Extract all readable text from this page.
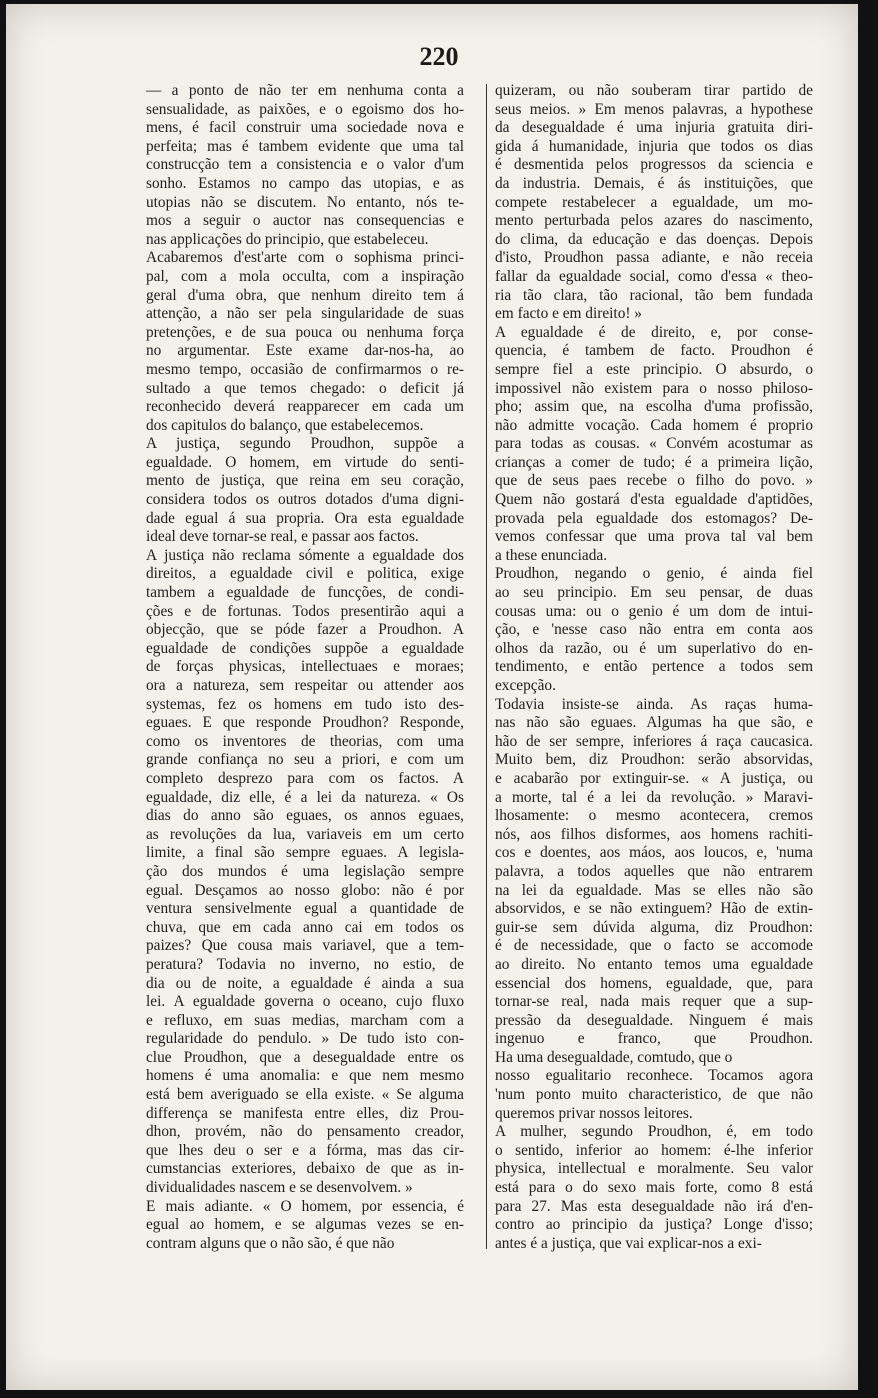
220
— a ponto de não ter em nenhuma conta a
sensualidade, as paixões, e o egoismo dos ho-
mens, é facil construir uma sociedade nova e
perfeita; mas é tambem evidente que uma tal
construcção tem a consistencia e o valor d'um
sonho. Estamos no campo das utopias, e as
utopias não se discutem. No entanto, nós te-
mos a seguir o auctor nas consequencias e
nas applicações do principio, que estabeleceu.
Acabaremos d'est'arte com o sophisma princi-
pal, com a mola occulta, com a inspiração
geral d'uma obra, que nenhum direito tem á
attenção, a não ser pela singularidade de suas
pretenções, e de sua pouca ou nenhuma força
no argumentar. Este exame dar-nos-ha, ao
mesmo tempo, occasião de confirmarmos o re-
sultado a que temos chegado: o deficit já
reconhecido deverá reapparecer em cada um
dos capitulos do balanço, que estabelecemos.
A justiça, segundo Proudhon, suppõe a
egualdade. O homem, em virtude do senti-
mento de justiça, que reina em seu coração,
considera todos os outros dotados d'uma digni-
dade egual á sua propria. Ora esta egualdade
ideal deve tornar-se real, e passar aos factos.
A justiça não reclama sómente a egualdade dos
direitos, a egualdade civil e politica, exige
tambem a egualdade de funcções, de condi-
ções e de fortunas. Todos presentirão aqui a
objecção, que se póde fazer a Proudhon. A
egualdade de condições suppõe a egualdade
de forças physicas, intellectuaes e moraes;
ora a natureza, sem respeitar ou attender aos
systemas, fez os homens em tudo isto des-
eguaes. E que responde Proudhon? Responde,
como os inventores de theorias, com uma
grande confiança no seu a priori, e com um
completo desprezo para com os factos. A
egualdade, diz elle, é a lei da natureza. « Os
dias do anno são eguaes, os annos eguaes,
as revoluções da lua, variaveis em um certo
limite, a final são sempre eguaes. A legisla-
ção dos mundos é uma legislação sempre
egual. Desçamos ao nosso globo: não é por
ventura sensivelmente egual a quantidade de
chuva, que em cada anno cai em todos os
paizes? Que cousa mais variavel, que a tem-
peratura? Todavia no inverno, no estio, de
dia ou de noite, a egualdade é ainda a sua
lei. A egualdade governa o oceano, cujo fluxo
e refluxo, em suas medias, marcham com a
regularidade do pendulo. » De tudo isto con-
clue Proudhon, que a desegualdade entre os
homens é uma anomalia: e que nem mesmo
está bem averiguado se ella existe. « Se alguma
differença se manifesta entre elles, diz Prou-
dhon, provém, não do pensamento creador,
que lhes deu o ser e a fórma, mas das cir-
cumstancias exteriores, debaixo de que as in-
dividualidades nascem e se desenvolvem. »
E mais adiante. « O homem, por essencia, é
egual ao homem, e se algumas vezes se en-
contram alguns que o não são, é que não
quizeram, ou não souberam tirar partido de
seus meios. » Em menos palavras, a hypothese
da desegualdade é uma injuria gratuita diri-
gida á humanidade, injuria que todos os dias
é desmentida pelos progressos da sciencia e
da industria. Demais, é ás instituições, que
compete restabelecer a egualdade, um mo-
mento perturbada pelos azares do nascimento,
do clima, da educação e das doenças. Depois
d'isto, Proudhon passa adiante, e não receia
fallar da egualdade social, como d'essa « theo-
ria tão clara, tão racional, tão bem fundada
em facto e em direito! »
A egualdade é de direito, e, por conse-
quencia, é tambem de facto. Proudhon é
sempre fiel a este principio. O absurdo, o
impossivel não existem para o nosso philoso-
pho; assim que, na escolha d'uma profissão,
não admitte vocação. Cada homem é proprio
para todas as cousas. « Convém acostumar as
crianças a comer de tudo; é a primeira lição,
que de seus paes recebe o filho do povo. »
Quem não gostará d'esta egualdade d'aptidões,
provada pela egualdade dos estomagos? De-
vemos confessar que uma prova tal val bem
a these enunciada.
Proudhon, negando o genio, é ainda fiel
ao seu principio. Em seu pensar, de duas
cousas uma: ou o genio é um dom de intui-
ção, e 'nesse caso não entra em conta aos
olhos da razão, ou é um superlativo do en-
tendimento, e então pertence a todos sem
excepção.
Todavia insiste-se ainda. As raças huma-
nas não são eguaes. Algumas ha que são, e
hão de ser sempre, inferiores á raça caucasica.
Muito bem, diz Proudhon: serão absorvidas,
e acabarão por extinguir-se. « A justiça, ou
a morte, tal é a lei da revolução. » Maravi-
lhosamente: o mesmo acontecera, cremos
nós, aos filhos disformes, aos homens rachiti-
cos e doentes, aos máos, aos loucos, e, 'numa
palavra, a todos aquelles que não entrarem
na lei da egualdade. Mas se elles não são
absorvidos, e se não extinguem? Hão de extin-
guir-se sem dúvida alguma, diz Proudhon:
é de necessidade, que o facto se accomode
ao direito. No entanto temos uma egualdade
essencial dos homens, egualdade, que, para
tornar-se real, nada mais requer que a sup-
pressão da desegualdade. Ninguem é mais
ingenuo e franco, que Proudhon.
Ha uma desegualdade, comtudo, que o
nosso egualitario reconhece. Tocamos agora
'num ponto muito characteristico, de que não
queremos privar nossos leitores.
A mulher, segundo Proudhon, é, em todo
o sentido, inferior ao homem: é-lhe inferior
physica, intellectual e moralmente. Seu valor
está para o do sexo mais forte, como 8 está
para 27. Mas esta desegualdade não irá d'en-
contro ao principio da justiça? Longe d'isso;
antes é a justiça, que vai explicar-nos a exi-
